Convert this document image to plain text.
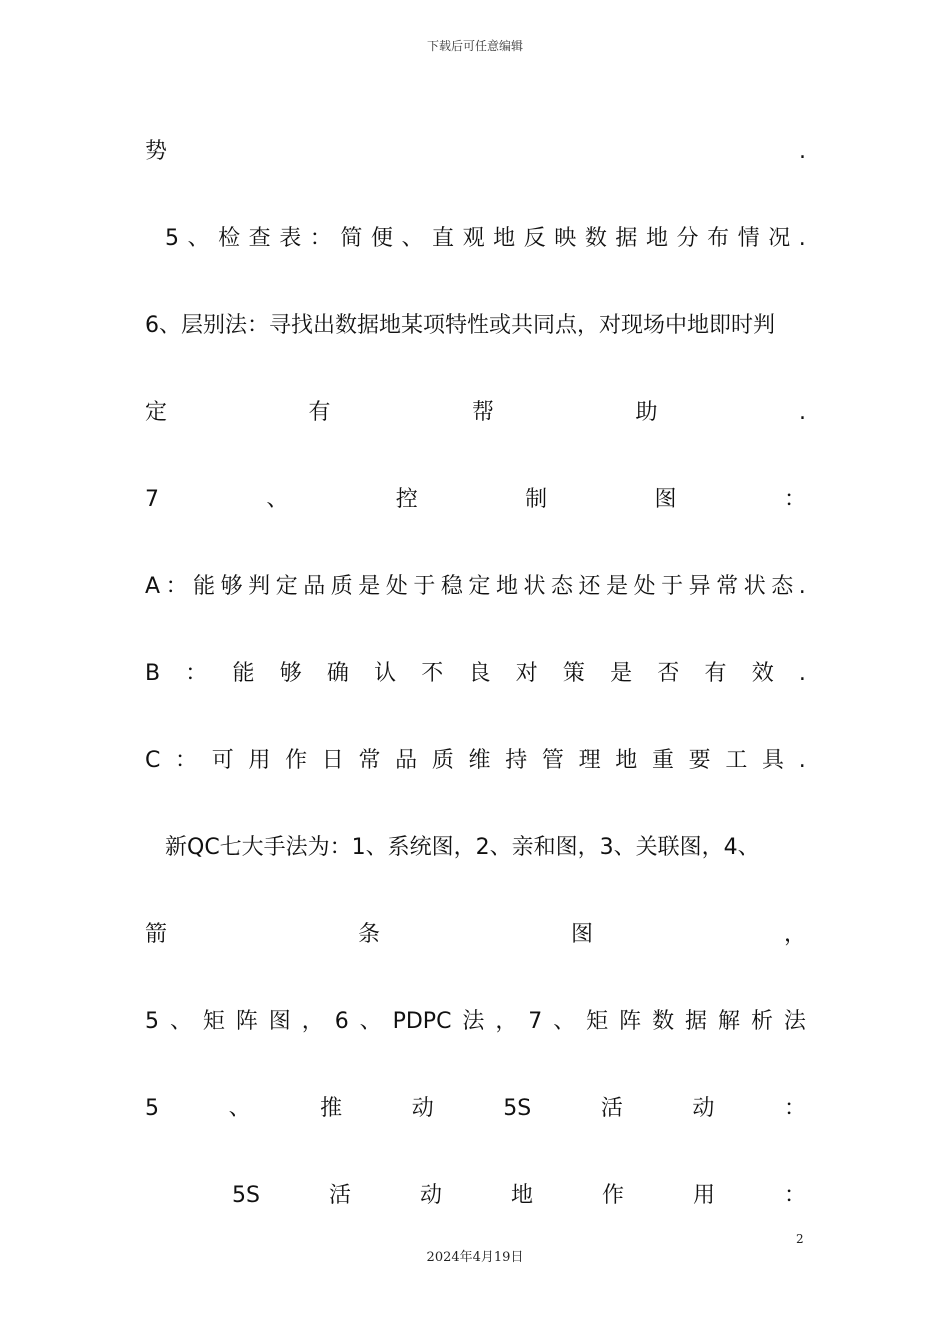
下载后可任意编辑
势	.
5 、 检 查 表 ： 简 便 、 直 观 地 反 映 数 据 地 分 布 情 况 .
6、层别法：寻找出数据地某项特性或共同点，对现场中地即时判
定	有	帮	助	.
7	、	控	制	图	：
A ： 能 够 判 定 品 质 是 处 于 稳 定 地 状 态 还 是 处 于 异 常 状 态 .
B ： 能 够 确 认 不 良 对 策 是 否 有 效 .
C ： 可 用 作 日 常 品 质 维 持 管 理 地 重 要 工 具 .
新QC七大手法为：1、系统图，2、亲和图，3、关联图，4、
箭	条	图	，
5 、 矩 阵 图 ， 6 、 PDPC 法 ， 7 、 矩 阵 数 据 解 析 法
5	、	推	动	5S	活	动	：
5S	活	动	地	作	用	：
2
2024年4月19日
